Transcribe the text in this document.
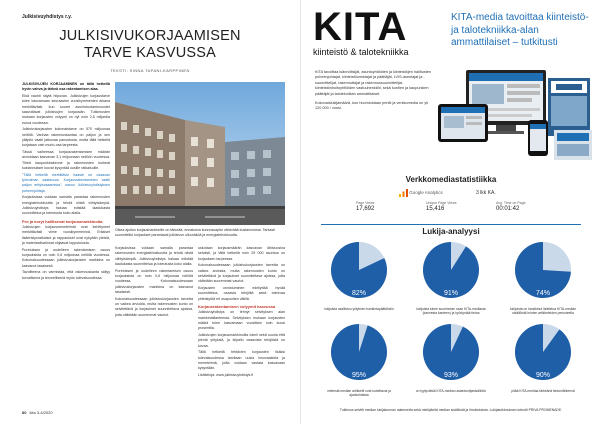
Julkisivuyhdistys r.y.
JULKISIVUKORJAAMISEN
TARVE KASVUSSA
TEKSTI: SINNA TAPANI-KARPPINEN

JULKISIVUJEN KORJAAMINEN on tällä hetkellä hyvin vahva ja tärkeä osa rakentamisen alaa.

Eikä vauhti näytä hiipuvan. Julkisivujen korjaustarve tulee kasvamaan seuraavien vuosikymmenten aikana merkittävästi, kun suuret asuntotuotantovuodet saavuttavat julkisivujen korjausiän. Tutkimusten mukaan korjausten volyymi on nyt noin 2,6 miljardia euroa vuodessa.

Julkisivukorjausten kokonaistarve on 570 miljoonaa neliötä. Vanhaa rakennuskantaa on paljon ja sen ylläpito vaatii jatkuvaa panostusta, mutta tällä hetkellä korjataan vain murto-osa tarpeesta.

Tässä vaiheessa korjausrakentamisen määrän arvioidaan kasvavan 3,1 miljoonaan neliöön vuodessa. Tiheä kaupunkirakenne ja rakennusten korkeat kustannukset luovat kysyntää uusille ratkaisuille.

"Tällä hetkellä merkittävin haaste on osaavan työvoiman saatavuus. Korjausrakentaminen vaatii paljon erityisosaamista", sanoo Julkisivuyhdistyksen puheenjohtaja.

Korjauksissa voidaan samalla parantaa rakennusten energiatehokkuutta ja tehdä niistä viihtyisämpiä. Julkisivuyhdistys haluaa edistää laadukasta suunnittelua ja toteutusta koko alalla.

Pro ja koryt hallitsevat korjausmarkkinoita

Julkisivujen korjausmenetelmät ovat kehittyneet merkittävästi viime vuosikymmeninä. Erilaiset lisäeristysratkaisut ja rappaukset ovat nykyään yleisiä, ja materiaalivalinnat ohjaavat lopputulosta.

Puretuksen ja uudelleen rakentamisen osuus korjauksista on noin 0,6 miljoonaa neliötä vuodessa. Kokonaisuudessaan julkisivukorjausten markkina on kasvanut tasaisesti.

Tavoitteena on varmistaa, että rakennuskanta säilyy turvallisena ja terveellisenä myös tulevaisuudessa.

Oikea ajoitus korjaushankkeille on tärkeää; ennakoiva kunnossapito vähentää kustannuksia. Tarkasti suunnitellut korjaukset parantavat julkisivun ulkonäköä ja energiatehokkuutta.

uskotaan korjausmäärän kasvavan lähivuosina selvästi, ja tällä hetkellä noin 25 000 asuntoa on korjauksen tarpeessa.

Kokonaisuudessaan julkisivukorjausten tarvetta on vaikea arvioida, mutta rakennusten kunto on selvitettävä ja korjaukset suunniteltava ajoissa, jotta vältetään suuremmat vauriot.

Korjausten onnistuminen edellyttää hyvää suunnittelua, osaavia tekijöitä sekä toimivaa yhteistyötä eri osapuolten välillä.

Korjausrakentamisen volyymit kasvussa

Julkisivuyhdistys on tehnyt selvityksen alan markkinatilanteesta. Selvityksen mukaan korjausten määrä tulee kasvamaan vuosittain noin kuusi prosenttia.

Julkisivujen korjausmarkkinoilla toimii sekä suuria että pieniä yrityksiä, ja kilpailu osaavista tekijöistä on kovaa.

Tällä hetkellä tehtävien korjausten lisäksi tulevaisuudessa tarvitaan uusia innovaatioita ja menetelmiä, joilla voidaan vastata kasvavaan kysyntään.

Lisätietoja: www.julkisivuyhdistys.fi

Korjauksissa voidaan samalla parantaa rakennusten energiatehokkuutta ja tehdä niistä viihtyisämpiä. Julkisivuyhdistys haluaa edistää laadukasta suunnittelua ja toteutusta koko alalla.

Puretuksen ja uudelleen rakentamisen osuus korjauksista on noin 0,6 miljoonaa neliötä vuodessa. Kokonaisuudessaan julkisivukorjausten markkina on kasvanut tasaisesti.

Kokonaisuudessaan julkisivukorjausten tarvetta on vaikea arvioida, mutta rakennusten kunto on selvitettävä ja korjaukset suunniteltava ajoissa, jotta vältetään suuremmat vauriot.

80 kita 3-4/2020
KITA
kiinteistö & talotekniikka
KITA-media tavoittaa kiinteistö- ja talotekniikka-alan ammattilaiset – tutkitusti

KITA tavoittaa isännöitsijät, asuntoyhtiöiden ja kiinteistöjen hallitusten puheenjohtajat, kiinteistöomistajat ja päättäjät, LVIS-asentajat ja -suunnittelijat, rakennuttajat ja rakennussuunnittelijat, kiinteistönhoitoyhtiöiden vastuuhenkilöt, sekä kuntien ja kaupunkien päättäjät ja talotekniikan ammattilaiset.

Kokonaislukijamäärä, kun huomioidaan printti ja verkkomedia on yli 120 000 / vuosi.

Verkkomediastatistiikka
Google Analytics	3 lkk KA.
Page Views
17,692
Unique Page Views
15,416
Avg. Time on Page
00:01:42
Lukija-analyysi
82%
lukijoista osallistuu yrityksen hankintapäätöksiin
91%
lukijoista lukee suurimman osan KITA-mediasta (kannesta kanteen) ja hyödyntää tietoa
74%
lukijoista on hankkinut lisätietoa KITA-median sisällöistä lehden artikkeleiden perusteella
95%
mielestä median artikkelit ovat luotettavia ja ajankohtaisia
93%
on tyytyväisiä KITA-median asiantuntijasisältöön
90%
pitää KITA-mediaa tärkeänä tiedonlähteenä
Tutkimus selvitti median lukijakunnan rakennetta sekä mielipiteitä median sisällöstä ja ilmoituksista. Lukijatutkimuksen toteutti PRIVA PROMENADE.
